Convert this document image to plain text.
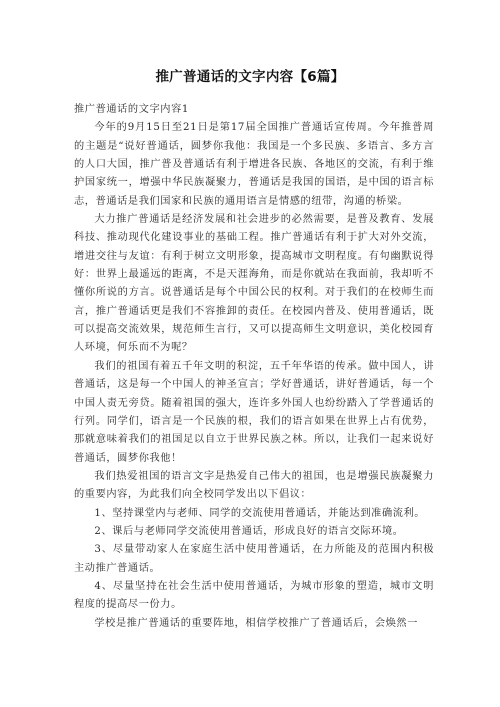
推广普通话的文字内容【6篇】

推广普通话的文字内容1

今年的9月15日至21日是第17届全国推广普通话宣传周。今年推普周的主题是“说好普通话，圆梦你我他：我国是一个多民族、多语言、多方言的人口大国，推广普及普通话有利于增进各民族、各地区的交流，有利于维护国家统一，增强中华民族凝聚力，普通话是我国的国语，是中国的语言标志，普通话是我们国家和民族的通用语言是情感的纽带，沟通的桥梁。

大力推广普通话是经济发展和社会进步的必然需要，是普及教育、发展科技、推动现代化建设事业的基础工程。推广普通话有利于扩大对外交流，增进交往与友谊：有利于树立文明形象，提高城市文明程度。有句幽默说得好：世界上最遥远的距离，不是天涯海角，而是你就站在我面前，我却听不懂你所说的方言。说普通话是每个中国公民的权利。对于我们的在校师生而言，推广普通话更是我们不容推卸的责任。在校园内普及、使用普通话，既可以提高交流效果，规范师生言行，又可以提高师生文明意识，美化校园育人环境，何乐而不为呢？

我们的祖国有着五千年文明的积淀，五千年华语的传承。做中国人，讲普通话，这是每一个中国人的神圣宣言；学好普通话，讲好普通话，每一个中国人责无旁贷。随着祖国的强大，连许多外国人也纷纷踏入了学普通话的行列。同学们，语言是一个民族的根，我们的语言如果在世界上占有优势，那就意味着我们的祖国足以自立于世界民族之林。所以，让我们一起来说好普通话，圆梦你我他！

我们热爱祖国的语言文字是热爱自己伟大的祖国，也是增强民族凝聚力的重要内容，为此我们向全校同学发出以下倡议：

1、坚持课堂内与老师、同学的交流使用普通话，并能达到准确流利。

2、课后与老师同学交流使用普通话，形成良好的语言交际环境。

3、尽量带动家人在家庭生活中使用普通话，在力所能及的范围内积极主动推广普通话。

4、尽量坚持在社会生活中使用普通话，为城市形象的塑造，城市文明程度的提高尽一份力。

学校是推广普通话的重要阵地，相信学校推广了普通话后，会焕然一
